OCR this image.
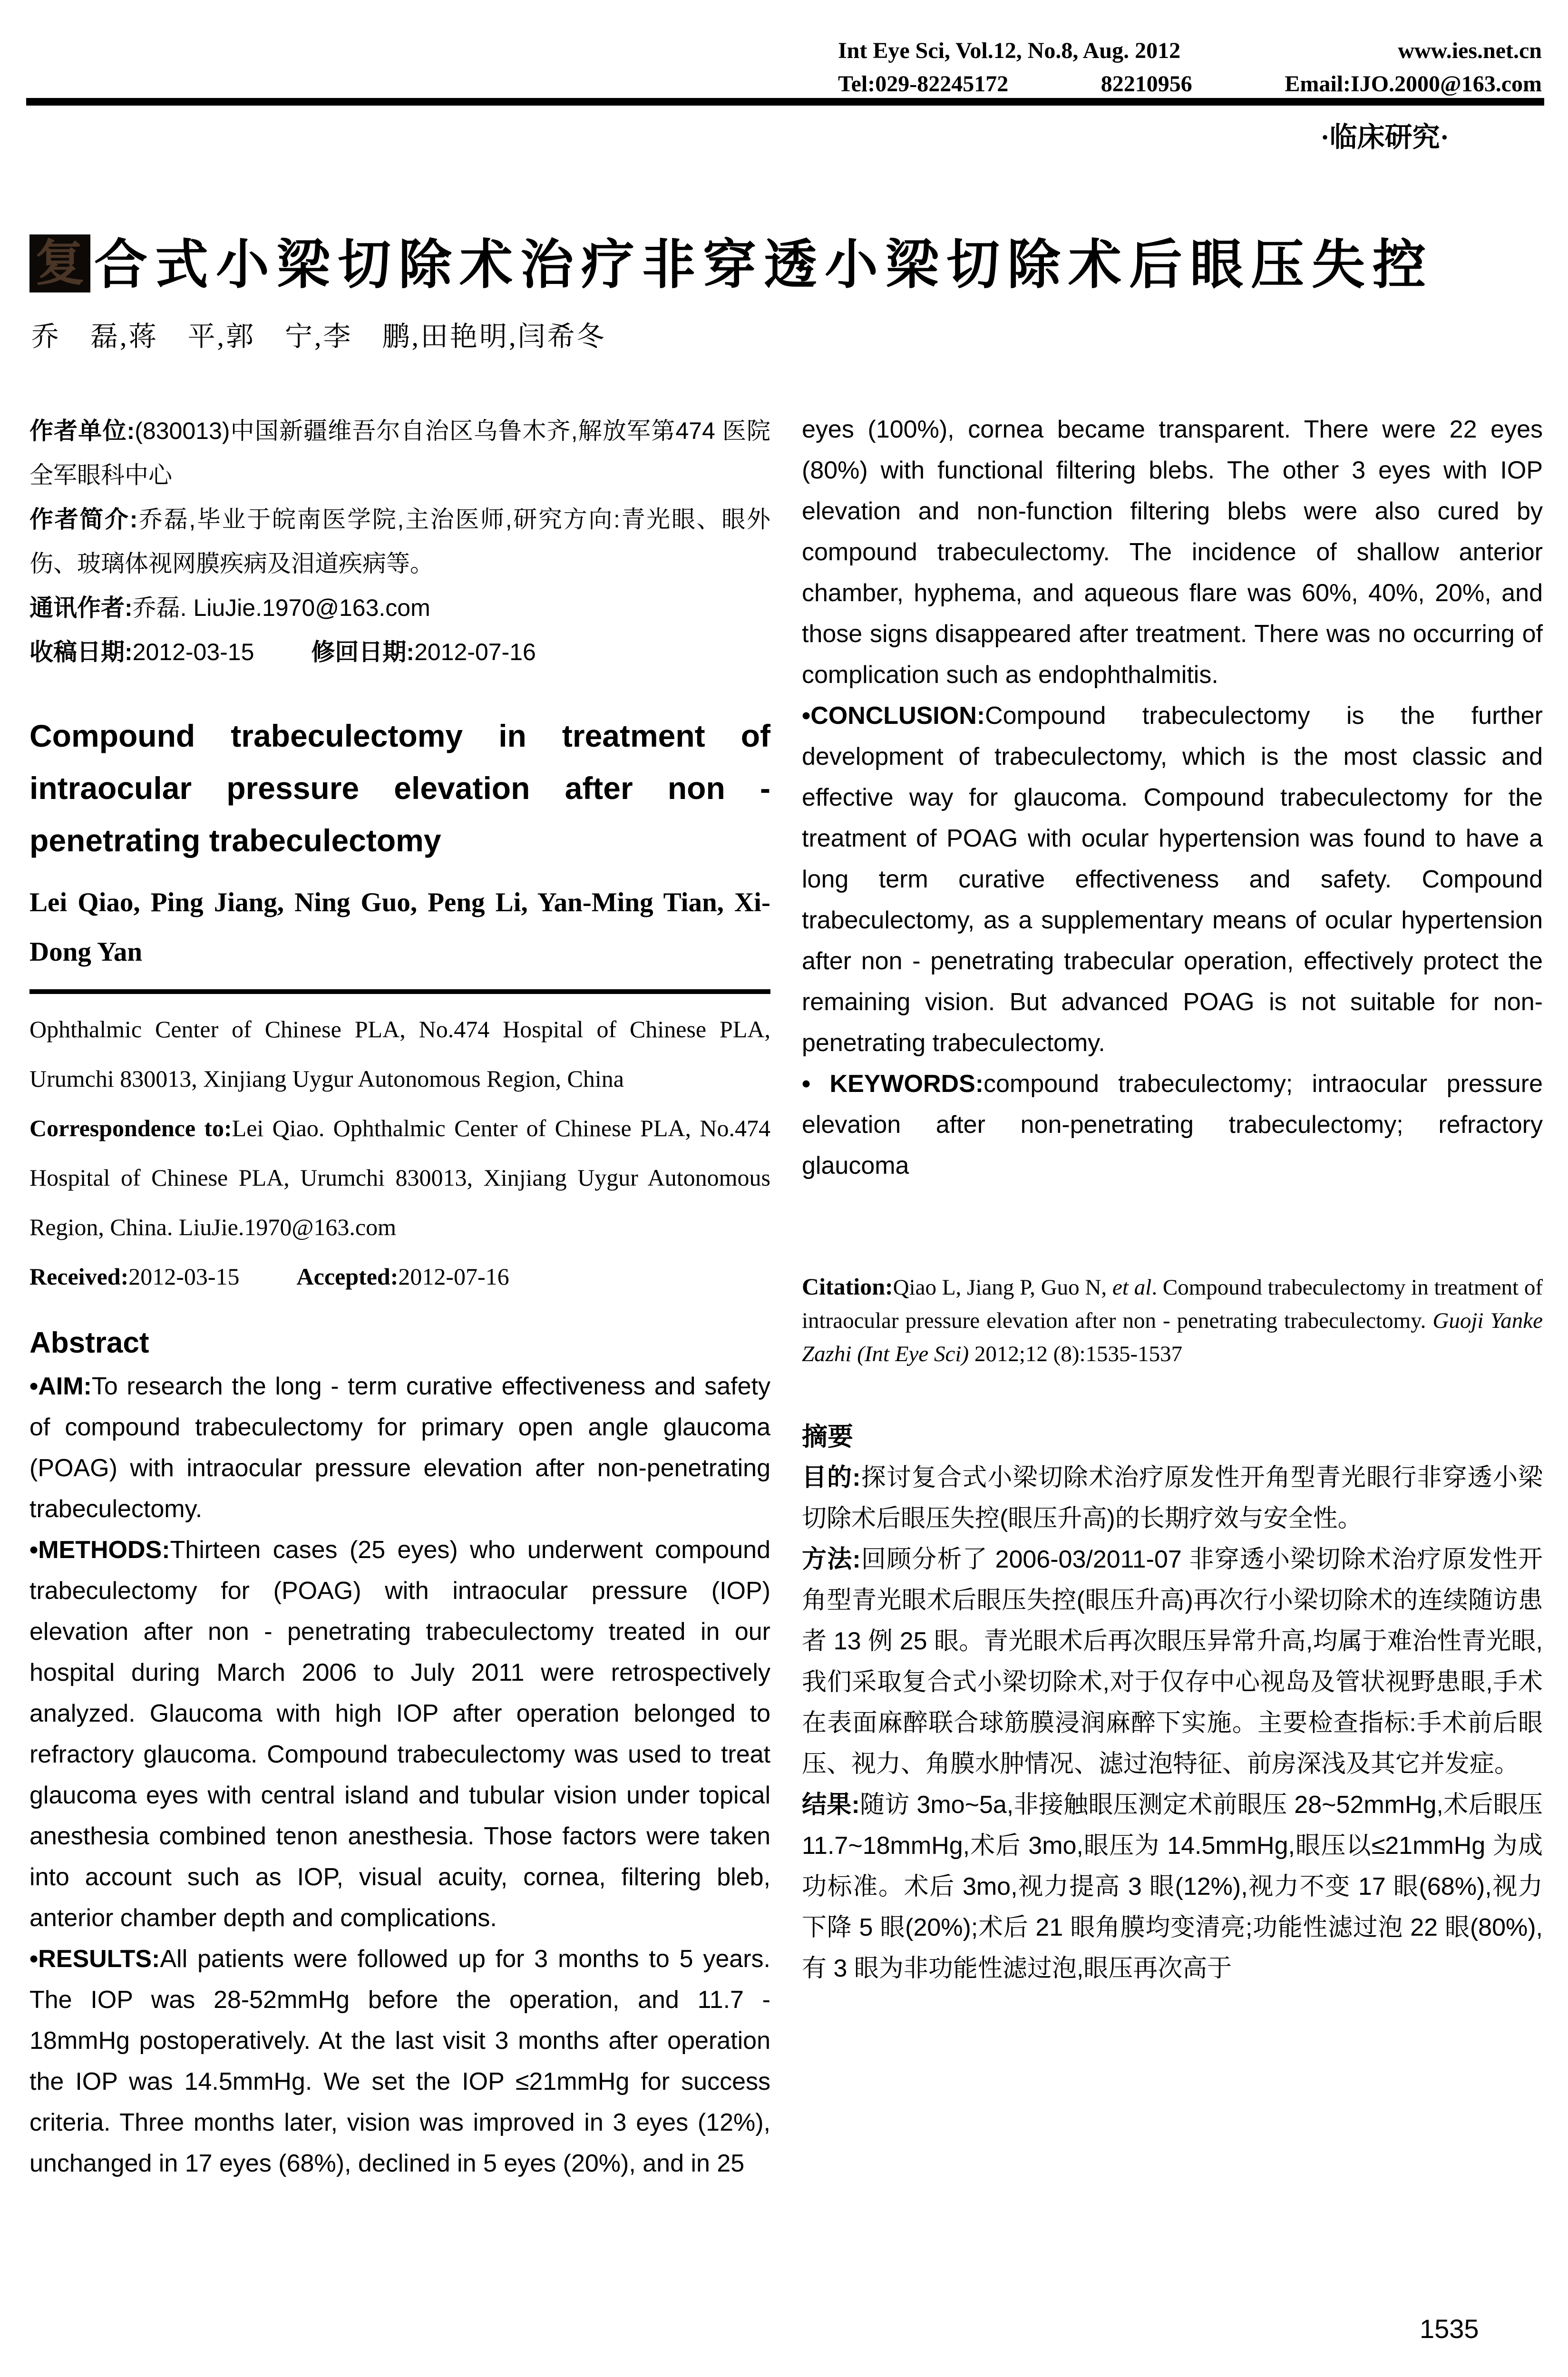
Int Eye Sci, Vol.12, No.8, Aug. 2012	www.ies.net.cn
Tel:029-82245172	82210956	Email:IJO.2000@163.com
·临床研究·
复 合式小梁切除术治疗非穿透小梁切除术后眼压失控
乔　磊,蒋　平,郭　宁,李　鹏,田艳明,闫希冬

作者单位:(830013)中国新疆维吾尔自治区乌鲁木齐,解放军第474 医院全军眼科中心

作者简介:乔磊,毕业于皖南医学院,主治医师,研究方向:青光眼、眼外伤、玻璃体视网膜疾病及泪道疾病等。

通讯作者:乔磊. LiuJie.1970@163.com

收稿日期:2012-03-15 修回日期:2012-07-16

Compound trabeculectomy in treatment of intraocular pressure elevation after non - penetrating trabeculectomy
Lei Qiao, Ping Jiang, Ning Guo, Peng Li, Yan-Ming Tian, Xi-Dong Yan

Ophthalmic Center of Chinese PLA, No.474 Hospital of Chinese PLA, Urumchi 830013, Xinjiang Uygur Autonomous Region, China

Correspondence to:Lei Qiao. Ophthalmic Center of Chinese PLA, No.474 Hospital of Chinese PLA, Urumchi 830013, Xinjiang Uygur Autonomous Region, China. LiuJie.1970@163.com

Received:2012-03-15 Accepted:2012-07-16

Abstract

•AIM:To research the long - term curative effectiveness and safety of compound trabeculectomy for primary open angle glaucoma (POAG) with intraocular pressure elevation after non-penetrating trabeculectomy.

•METHODS:Thirteen cases (25 eyes) who underwent compound trabeculectomy for (POAG) with intraocular pressure (IOP) elevation after non - penetrating trabeculectomy treated in our hospital during March 2006 to July 2011 were retrospectively analyzed. Glaucoma with high IOP after operation belonged to refractory glaucoma. Compound trabeculectomy was used to treat glaucoma eyes with central island and tubular vision under topical anesthesia combined tenon anesthesia. Those factors were taken into account such as IOP, visual acuity, cornea, filtering bleb, anterior chamber depth and complications.

•RESULTS:All patients were followed up for 3 months to 5 years. The IOP was 28-52mmHg before the operation, and 11.7 - 18mmHg postoperatively. At the last visit 3 months after operation the IOP was 14.5mmHg. We set the IOP ≤21mmHg for success criteria. Three months later, vision was improved in 3 eyes (12%), unchanged in 17 eyes (68%), declined in 5 eyes (20%), and in 25

eyes (100%), cornea became transparent. There were 22 eyes (80%) with functional filtering blebs. The other 3 eyes with IOP elevation and non-function filtering blebs were also cured by compound trabeculectomy. The incidence of shallow anterior chamber, hyphema, and aqueous flare was 60%, 40%, 20%, and those signs disappeared after treatment. There was no occurring of complication such as endophthalmitis.

•CONCLUSION:Compound trabeculectomy is the further development of trabeculectomy, which is the most classic and effective way for glaucoma. Compound trabeculectomy for the treatment of POAG with ocular hypertension was found to have a long term curative effectiveness and safety. Compound trabeculectomy, as a supplementary means of ocular hypertension after non - penetrating trabecular operation, effectively protect the remaining vision. But advanced POAG is not suitable for non-penetrating trabeculectomy.

• KEYWORDS:compound trabeculectomy; intraocular pressure elevation after non-penetrating trabeculectomy; refractory glaucoma

Citation:Qiao L, Jiang P, Guo N, et al. Compound trabeculectomy in treatment of intraocular pressure elevation after non - penetrating trabeculectomy. Guoji Yanke Zazhi (Int Eye Sci) 2012;12 (8):1535-1537

摘要

目的:探讨复合式小梁切除术治疗原发性开角型青光眼行非穿透小梁切除术后眼压失控(眼压升高)的长期疗效与安全性。

方法:回顾分析了 2006-03/2011-07 非穿透小梁切除术治疗原发性开角型青光眼术后眼压失控(眼压升高)再次行小梁切除术的连续随访患者 13 例 25 眼。青光眼术后再次眼压异常升高,均属于难治性青光眼,我们采取复合式小梁切除术,对于仅存中心视岛及管状视野患眼,手术在表面麻醉联合球筋膜浸润麻醉下实施。主要检查指标:手术前后眼压、视力、角膜水肿情况、滤过泡特征、前房深浅及其它并发症。

结果:随访 3mo~5a,非接触眼压测定术前眼压 28~52mmHg,术后眼压 11.7~18mmHg,术后 3mo,眼压为 14.5mmHg,眼压以≤21mmHg 为成功标准。术后 3mo,视力提高 3 眼(12%),视力不变 17 眼(68%),视力下降 5 眼(20%);术后 21 眼角膜均变清亮;功能性滤过泡 22 眼(80%),有 3 眼为非功能性滤过泡,眼压再次高于

1535
